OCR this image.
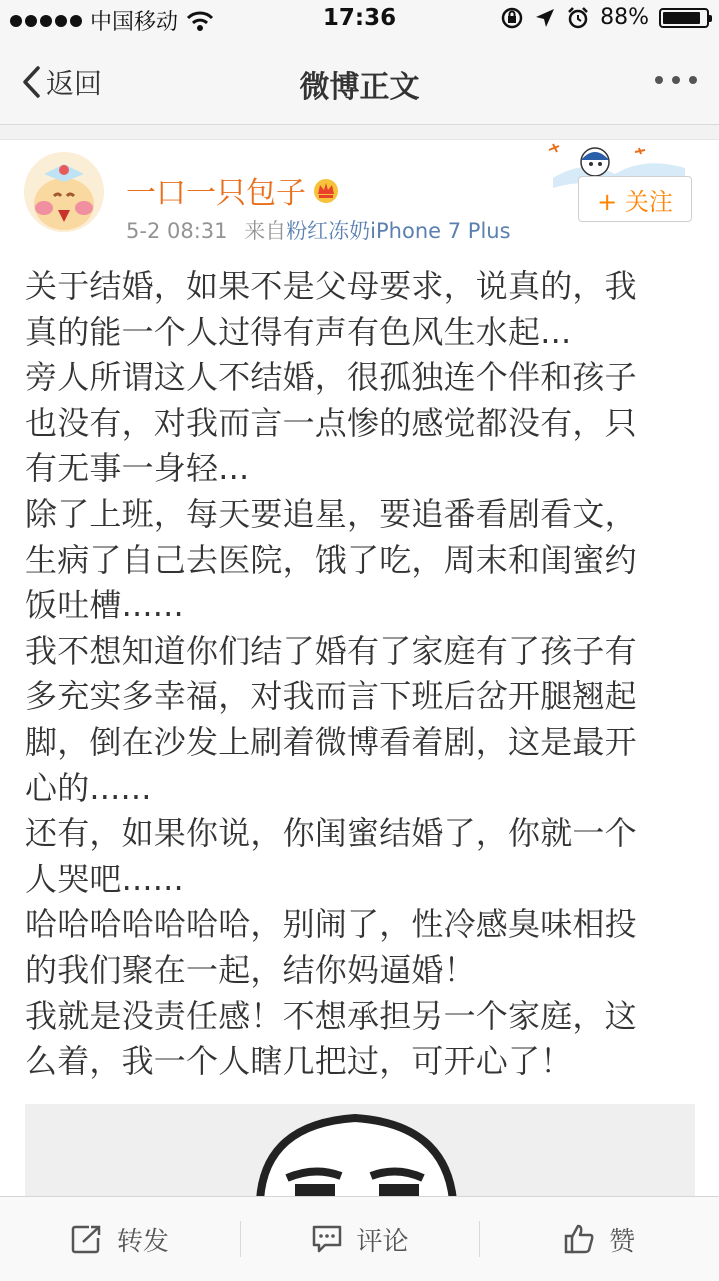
中国移动	17:36	88%
返回	微博正文
一口一只包子
5-2 08:31 来自粉红冻奶iPhone 7 Plus
+ 关注
关于结婚，如果不是父母要求，说真的，我
真的能一个人过得有声有色风生水起...
旁人所谓这人不结婚，很孤独连个伴和孩子
也没有，对我而言一点惨的感觉都没有，只
有无事一身轻...
除了上班，每天要追星，要追番看剧看文，
生病了自己去医院，饿了吃，周末和闺蜜约
饭吐槽......
我不想知道你们结了婚有了家庭有了孩子有
多充实多幸福，对我而言下班后岔开腿翘起
脚，倒在沙发上刷着微博看着剧，这是最开
心的......
还有，如果你说，你闺蜜结婚了，你就一个
人哭吧......
哈哈哈哈哈哈哈，别闹了，性冷感臭味相投
的我们聚在一起，结你妈逼婚！
我就是没责任感！不想承担另一个家庭，这
么着，我一个人瞎几把过，可开心了！
转发	评论	赞
